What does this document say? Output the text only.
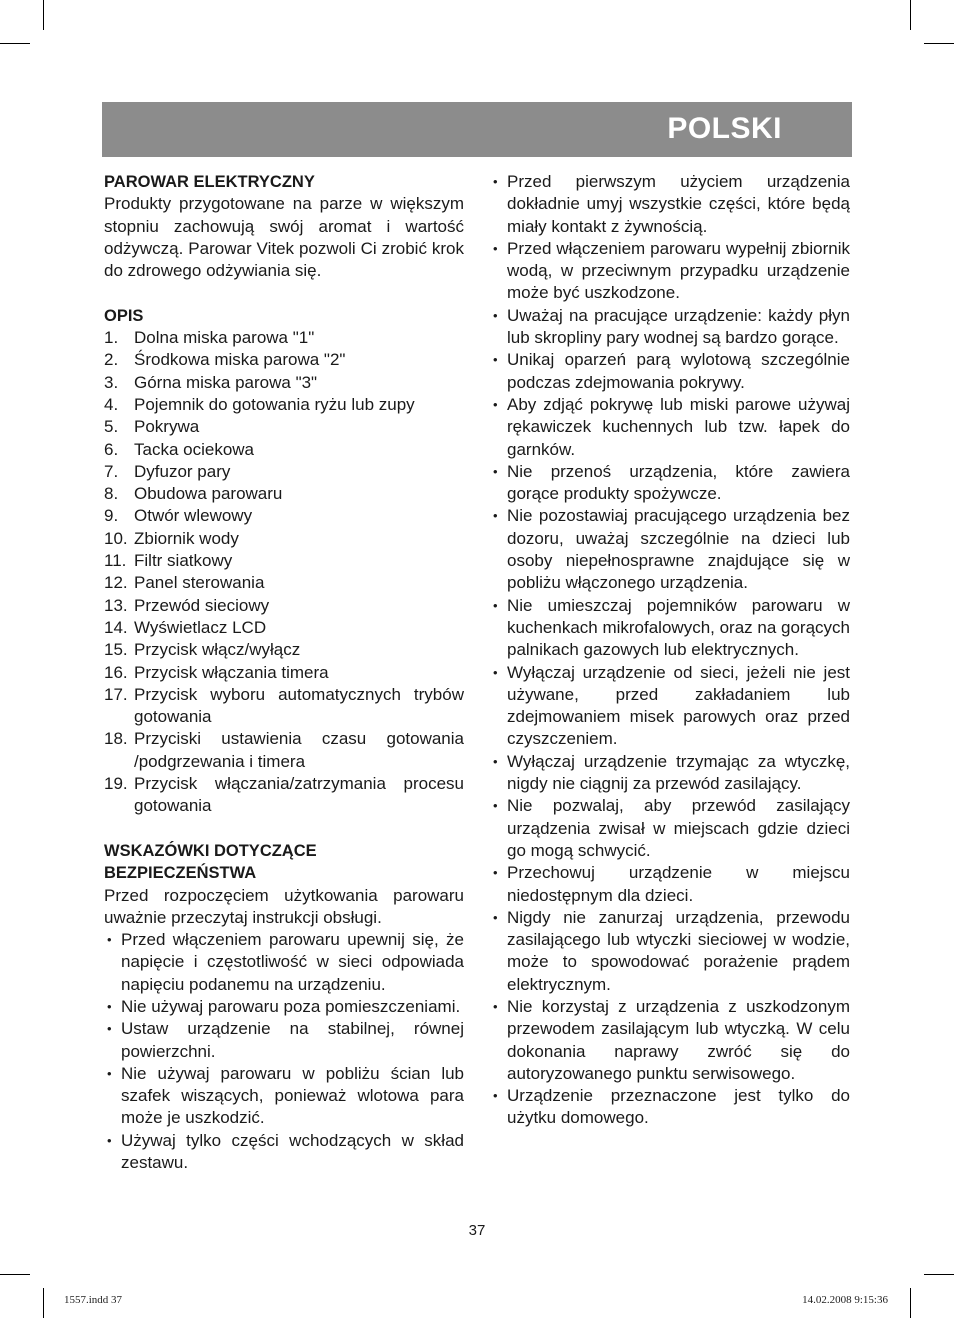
POLSKI
PAROWAR ELEKTRYCZNY
Produkty przygotowane na parze w większym stopniu zachowują swój aromat i wartość odżywczą. Parowar Vitek pozwoli Ci zrobić krok do zdrowego odżywiania się.
OPIS
1. Dolna miska parowa "1"
2. Środkowa miska parowa "2"
3. Górna miska parowa "3"
4. Pojemnik do gotowania ryżu lub zupy
5. Pokrywa
6. Tacka ociekowa
7. Dyfuzor pary
8. Obudowa parowaru
9. Otwór wlewowy
10. Zbiornik wody
11. Filtr siatkowy
12. Panel sterowania
13. Przewód sieciowy
14. Wyświetlacz LCD
15. Przycisk włącz/wyłącz
16. Przycisk włączania timera
17. Przycisk wyboru automatycznych trybów gotowania
18. Przyciski ustawienia czasu gotowania /podgrzewania i timera
19. Przycisk włączania/zatrzymania procesu gotowania
WSKAZÓWKI DOTYCZĄCE
BEZPIECZEŃSTWA
Przed rozpoczęciem użytkowania parowaru uważnie przeczytaj instrukcji obsługi.
• Przed włączeniem parowaru upewnij się, że napięcie i częstotliwość w sieci odpowiada napięciu podanemu na urządzeniu.
• Nie używaj parowaru poza pomieszczeniami.
• Ustaw urządzenie na stabilnej, równej powierzchni.
• Nie używaj parowaru w pobliżu ścian lub szafek wiszących, ponieważ wlotowa para może je uszkodzić.
• Używaj tylko części wchodzących w skład zestawu.
• Przed pierwszym użyciem urządzenia dokładnie umyj wszystkie części, które będą miały kontakt z żywnością.
• Przed włączeniem parowaru wypełnij zbiornik wodą, w przeciwnym przypadku urządzenie może być uszkodzone.
• Uważaj na pracujące urządzenie: każdy płyn lub skropliny pary wodnej są bardzo gorące.
• Unikaj oparzeń parą wylotową szczególnie podczas zdejmowania pokrywy.
• Aby zdjąć pokrywę lub miski parowe używaj rękawiczek kuchennych lub tzw. łapek do garnków.
• Nie przenoś urządzenia, które zawiera gorące produkty spożywcze.
• Nie pozostawiaj pracującego urządzenia bez dozoru, uważaj szczególnie na dzieci lub osoby niepełnosprawne znajdujące się w pobliżu włączonego urządzenia.
• Nie umieszczaj pojemników parowaru w kuchenkach mikrofalowych, oraz na gorących palnikach gazowych lub elektrycznych.
• Wyłączaj urządzenie od sieci, jeżeli nie jest używane, przed zakładaniem lub zdejmowaniem misek parowych oraz przed czyszczeniem.
• Wyłączaj urządzenie trzymając za wtyczkę, nigdy nie ciągnij za przewód zasilający.
• Nie pozwalaj, aby przewód zasilający urządzenia zwisał w miejscach gdzie dzieci go mogą schwycić.
• Przechowuj urządzenie w miejscu niedostępnym dla dzieci.
• Nigdy nie zanurzaj urządzenia, przewodu zasilającego lub wtyczki sieciowej w wodzie, może to spowodować porażenie prądem elektrycznym.
• Nie korzystaj z urządzenia z uszkodzonym przewodem zasilającym lub wtyczką. W celu dokonania naprawy zwróć się do autoryzowanego punktu serwisowego.
• Urządzenie przeznaczone jest tylko do użytku domowego.
37
1557.indd 37	14.02.2008 9:15:36
